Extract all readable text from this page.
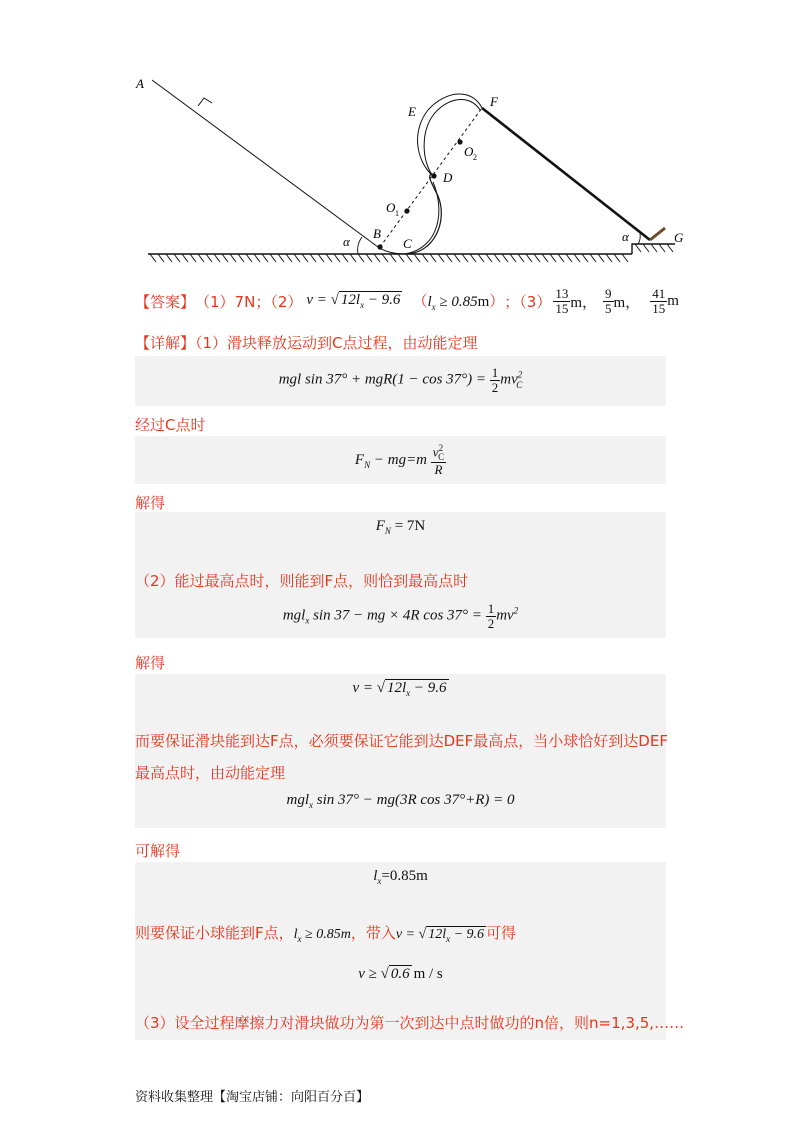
A
B
C
D
E
F
G
O 1
O 2
α	α
【答案】 （1）7N；（2） v = √ $12l_x - 9.6$ $(l_x \ge 0.85m)$ ；$(3) \frac{13}{15}$ m， $\frac{9}{5}$ m， $\frac{41}{15}$ m
【详解】（1）滑块释放运动到C点过程，由动能定理
mgl $\sin 37^\circ + mgR(1 - \cos 37^\circ) = \frac{1}{2} mv^2_C$
经过C点时
$F_N - mg=m \frac{v^2_C}{R}$
解得
$F_N = 7N$
（2）能过最高点时，则能到F点，则恰到最高点时
mgl$_x$ sin 37 − mg × 4R $\cos 37^\circ = \frac{1}{2} mv^2$
解得
v = √ $12l_x - 9.6$
而要保证滑块能到达F点，必须要保证它能到达DEF最高点，当小球恰好到达DEF
最高点时，由动能定理
mgl$_x$ sin 37° − mg(3R cos 37°+R) = 0
可解得
$l_x=0.85m$
则要保证小球能到F点，$l_x \ge 0.85m$，带入v = √ $12l_x - 9.6$ 可得
v ≥ √ 0.6 m / s
（3）设全过程摩擦力对滑块做功为第一次到达中点时做功的n倍，则n=1,3,5,……
资料收集整理【淘宝店铺：向阳百分百】
